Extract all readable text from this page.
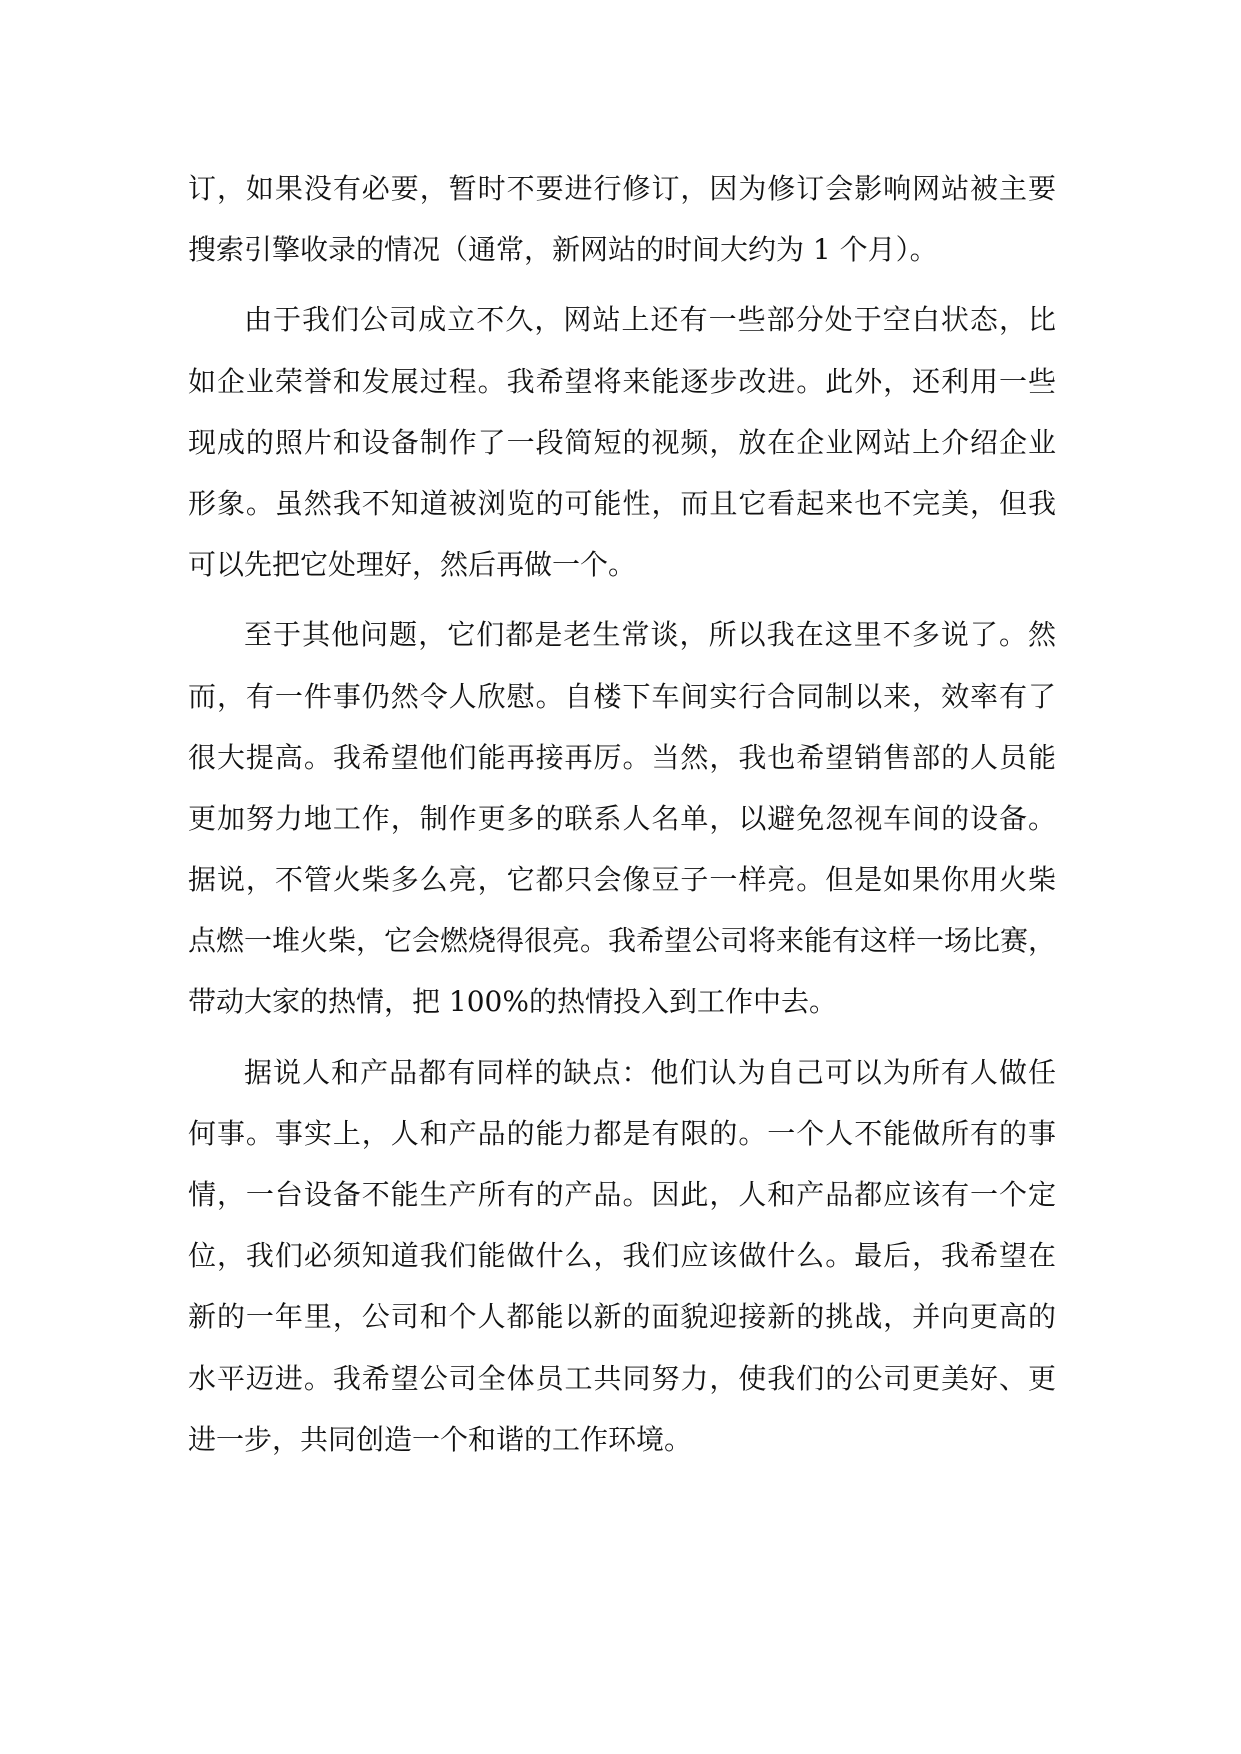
订，如果没有必要，暂时不要进行修订，因为修订会影响网站被主要
搜索引擎收录的情况（通常，新网站的时间大约为 1 个月）。
由于我们公司成立不久，网站上还有一些部分处于空白状态，比
如企业荣誉和发展过程。我希望将来能逐步改进。此外，还利用一些
现成的照片和设备制作了一段简短的视频，放在企业网站上介绍企业
形象。虽然我不知道被浏览的可能性，而且它看起来也不完美，但我
可以先把它处理好，然后再做一个。
至于其他问题，它们都是老生常谈，所以我在这里不多说了。然
而，有一件事仍然令人欣慰。自楼下车间实行合同制以来，效率有了
很大提高。我希望他们能再接再厉。当然，我也希望销售部的人员能
更加努力地工作，制作更多的联系人名单，以避免忽视车间的设备。
据说，不管火柴多么亮，它都只会像豆子一样亮。但是如果你用火柴
点燃一堆火柴，它会燃烧得很亮。我希望公司将来能有这样一场比赛，
带动大家的热情，把 100%的热情投入到工作中去。
据说人和产品都有同样的缺点：他们认为自己可以为所有人做任
何事。事实上，人和产品的能力都是有限的。一个人不能做所有的事
情，一台设备不能生产所有的产品。因此，人和产品都应该有一个定
位，我们必须知道我们能做什么，我们应该做什么。最后，我希望在
新的一年里，公司和个人都能以新的面貌迎接新的挑战，并向更高的
水平迈进。我希望公司全体员工共同努力，使我们的公司更美好、更
进一步，共同创造一个和谐的工作环境。
